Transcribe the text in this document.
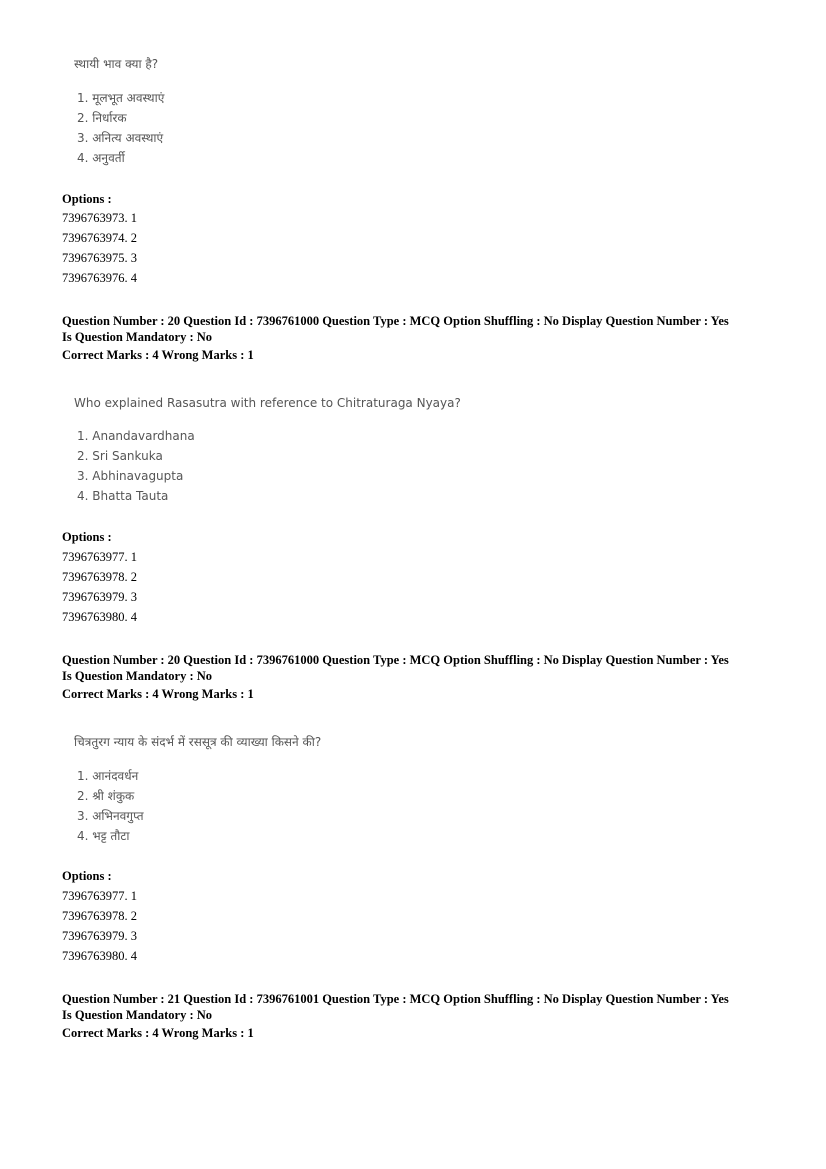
स्थायी भाव क्या है?
1. मूलभूत अवस्थाएं
2. निर्धारक
3. अनित्य अवस्थाएं
4. अनुवर्ती
Options :
7396763973. 1
7396763974. 2
7396763975. 3
7396763976. 4
Question Number : 20 Question Id : 7396761000 Question Type : MCQ Option Shuffling : No Display Question Number : Yes
Is Question Mandatory : No
Correct Marks : 4 Wrong Marks : 1
Who explained Rasasutra with reference to Chitraturaga Nyaya?
1. Anandavardhana
2. Sri Sankuka
3. Abhinavagupta
4. Bhatta Tauta
Options :
7396763977. 1
7396763978. 2
7396763979. 3
7396763980. 4
Question Number : 20 Question Id : 7396761000 Question Type : MCQ Option Shuffling : No Display Question Number : Yes
Is Question Mandatory : No
Correct Marks : 4 Wrong Marks : 1
चित्रतुरग न्याय के संदर्भ में रससूत्र की व्याख्या किसने की?
1. आनंदवर्धन
2. श्री शंकुक
3. अभिनवगुप्त
4. भट्ट तौटा
Options :
7396763977. 1
7396763978. 2
7396763979. 3
7396763980. 4
Question Number : 21 Question Id : 7396761001 Question Type : MCQ Option Shuffling : No Display Question Number : Yes
Is Question Mandatory : No
Correct Marks : 4 Wrong Marks : 1
